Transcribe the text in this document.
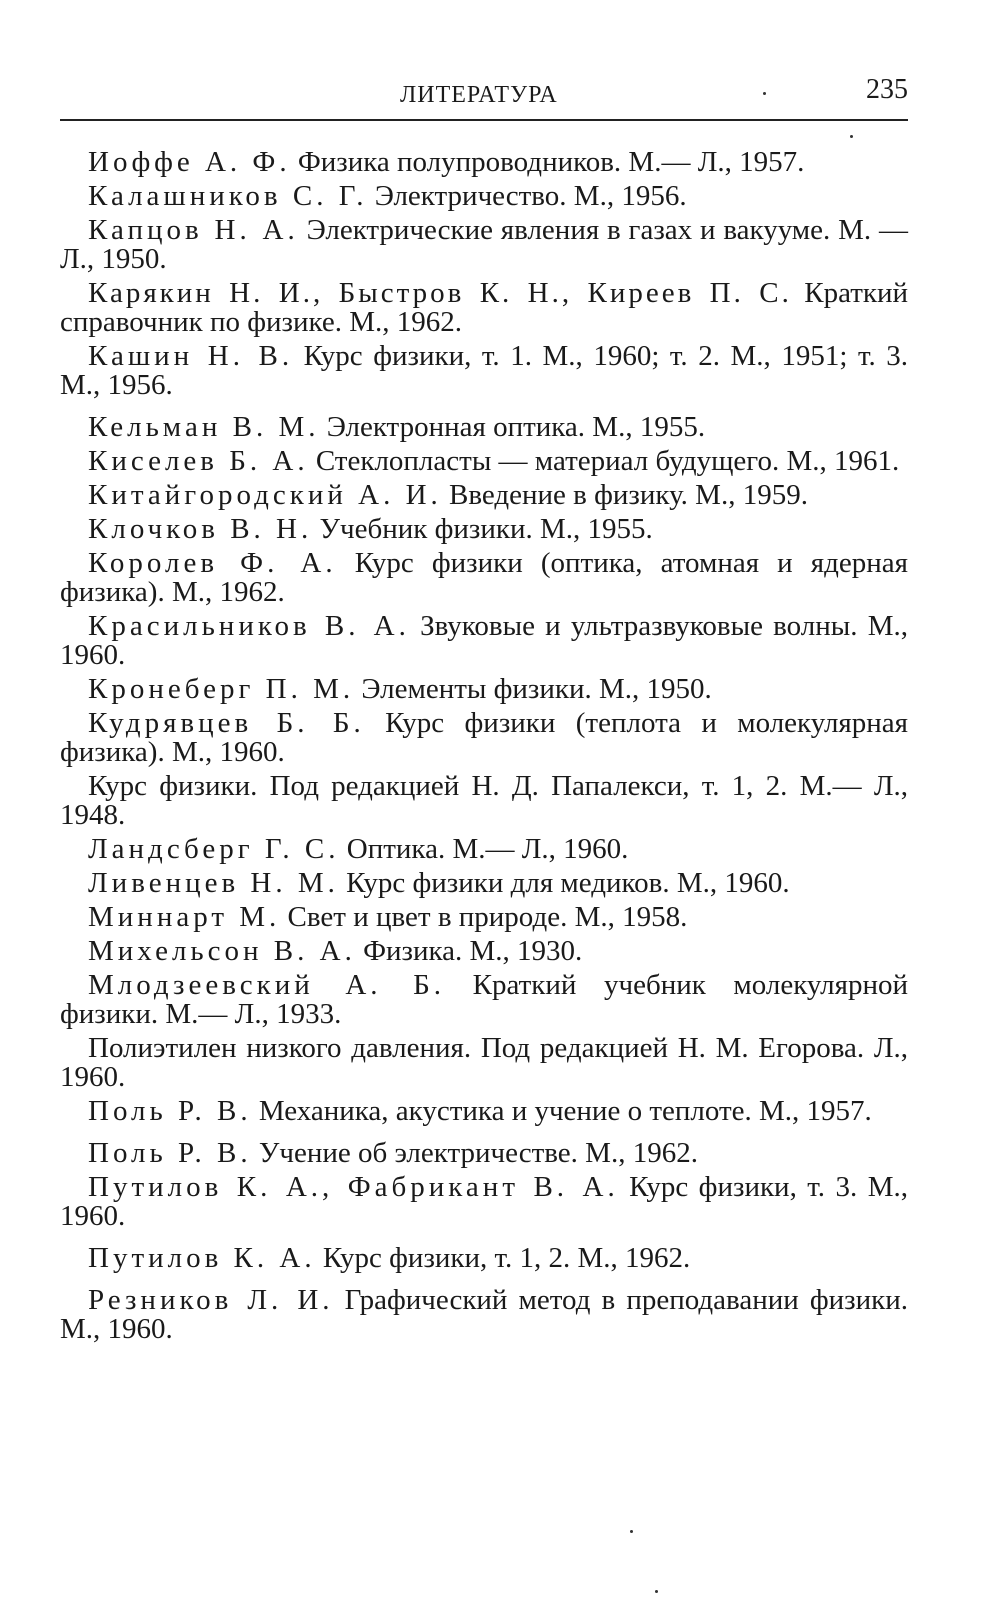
ЛИТЕРАТУРА	235

Иоффе А. Ф. Физика полупроводников. М.— Л., 1957.

Калашников С. Г. Электричество. М., 1956.

Капцов Н. А. Электрические явления в газах и вакууме. М. — Л., 1950.

Карякин Н. И., Быстров К. Н., Киреев П. С. Краткий справочник по физике. М., 1962.

Кашин Н. В. Курс физики, т. 1. М., 1960; т. 2. М., 1951; т. 3. М., 1956.

Кельман В. М. Электронная оптика. М., 1955.

Киселев Б. А. Стеклопласты — материал будущего. М., 1961.

Китайгородский А. И. Введение в физику. М., 1959.

Клочков В. Н. Учебник физики. М., 1955.

Королев Ф. А. Курс физики (оптика, атомная и ядерная физика). М., 1962.

Красильников В. А. Звуковые и ультразвуковые волны. М., 1960.

Кронеберг П. М. Элементы физики. М., 1950.

Кудрявцев Б. Б. Курс физики (теплота и молекулярная физика). М., 1960.

Курс физики. Под редакцией Н. Д. Папалекси, т. 1, 2. М.— Л., 1948.

Ландсберг Г. С. Оптика. М.— Л., 1960.

Ливенцев Н. М. Курс физики для медиков. М., 1960.

Миннарт М. Свет и цвет в природе. М., 1958.

Михельсон В. А. Физика. М., 1930.

Млодзеевский А. Б. Краткий учебник молекулярной физики. М.— Л., 1933.

Полиэтилен низкого давления. Под редакцией Н. М. Егорова. Л., 1960.

Поль Р. В. Механика, акустика и учение о теплоте. М., 1957.

Поль Р. В. Учение об электричестве. М., 1962.

Путилов К. А., Фабрикант В. А. Курс физики, т. 3. М., 1960.

Путилов К. А. Курс физики, т. 1, 2. М., 1962.

Резников Л. И. Графический метод в преподавании физики. М., 1960.
